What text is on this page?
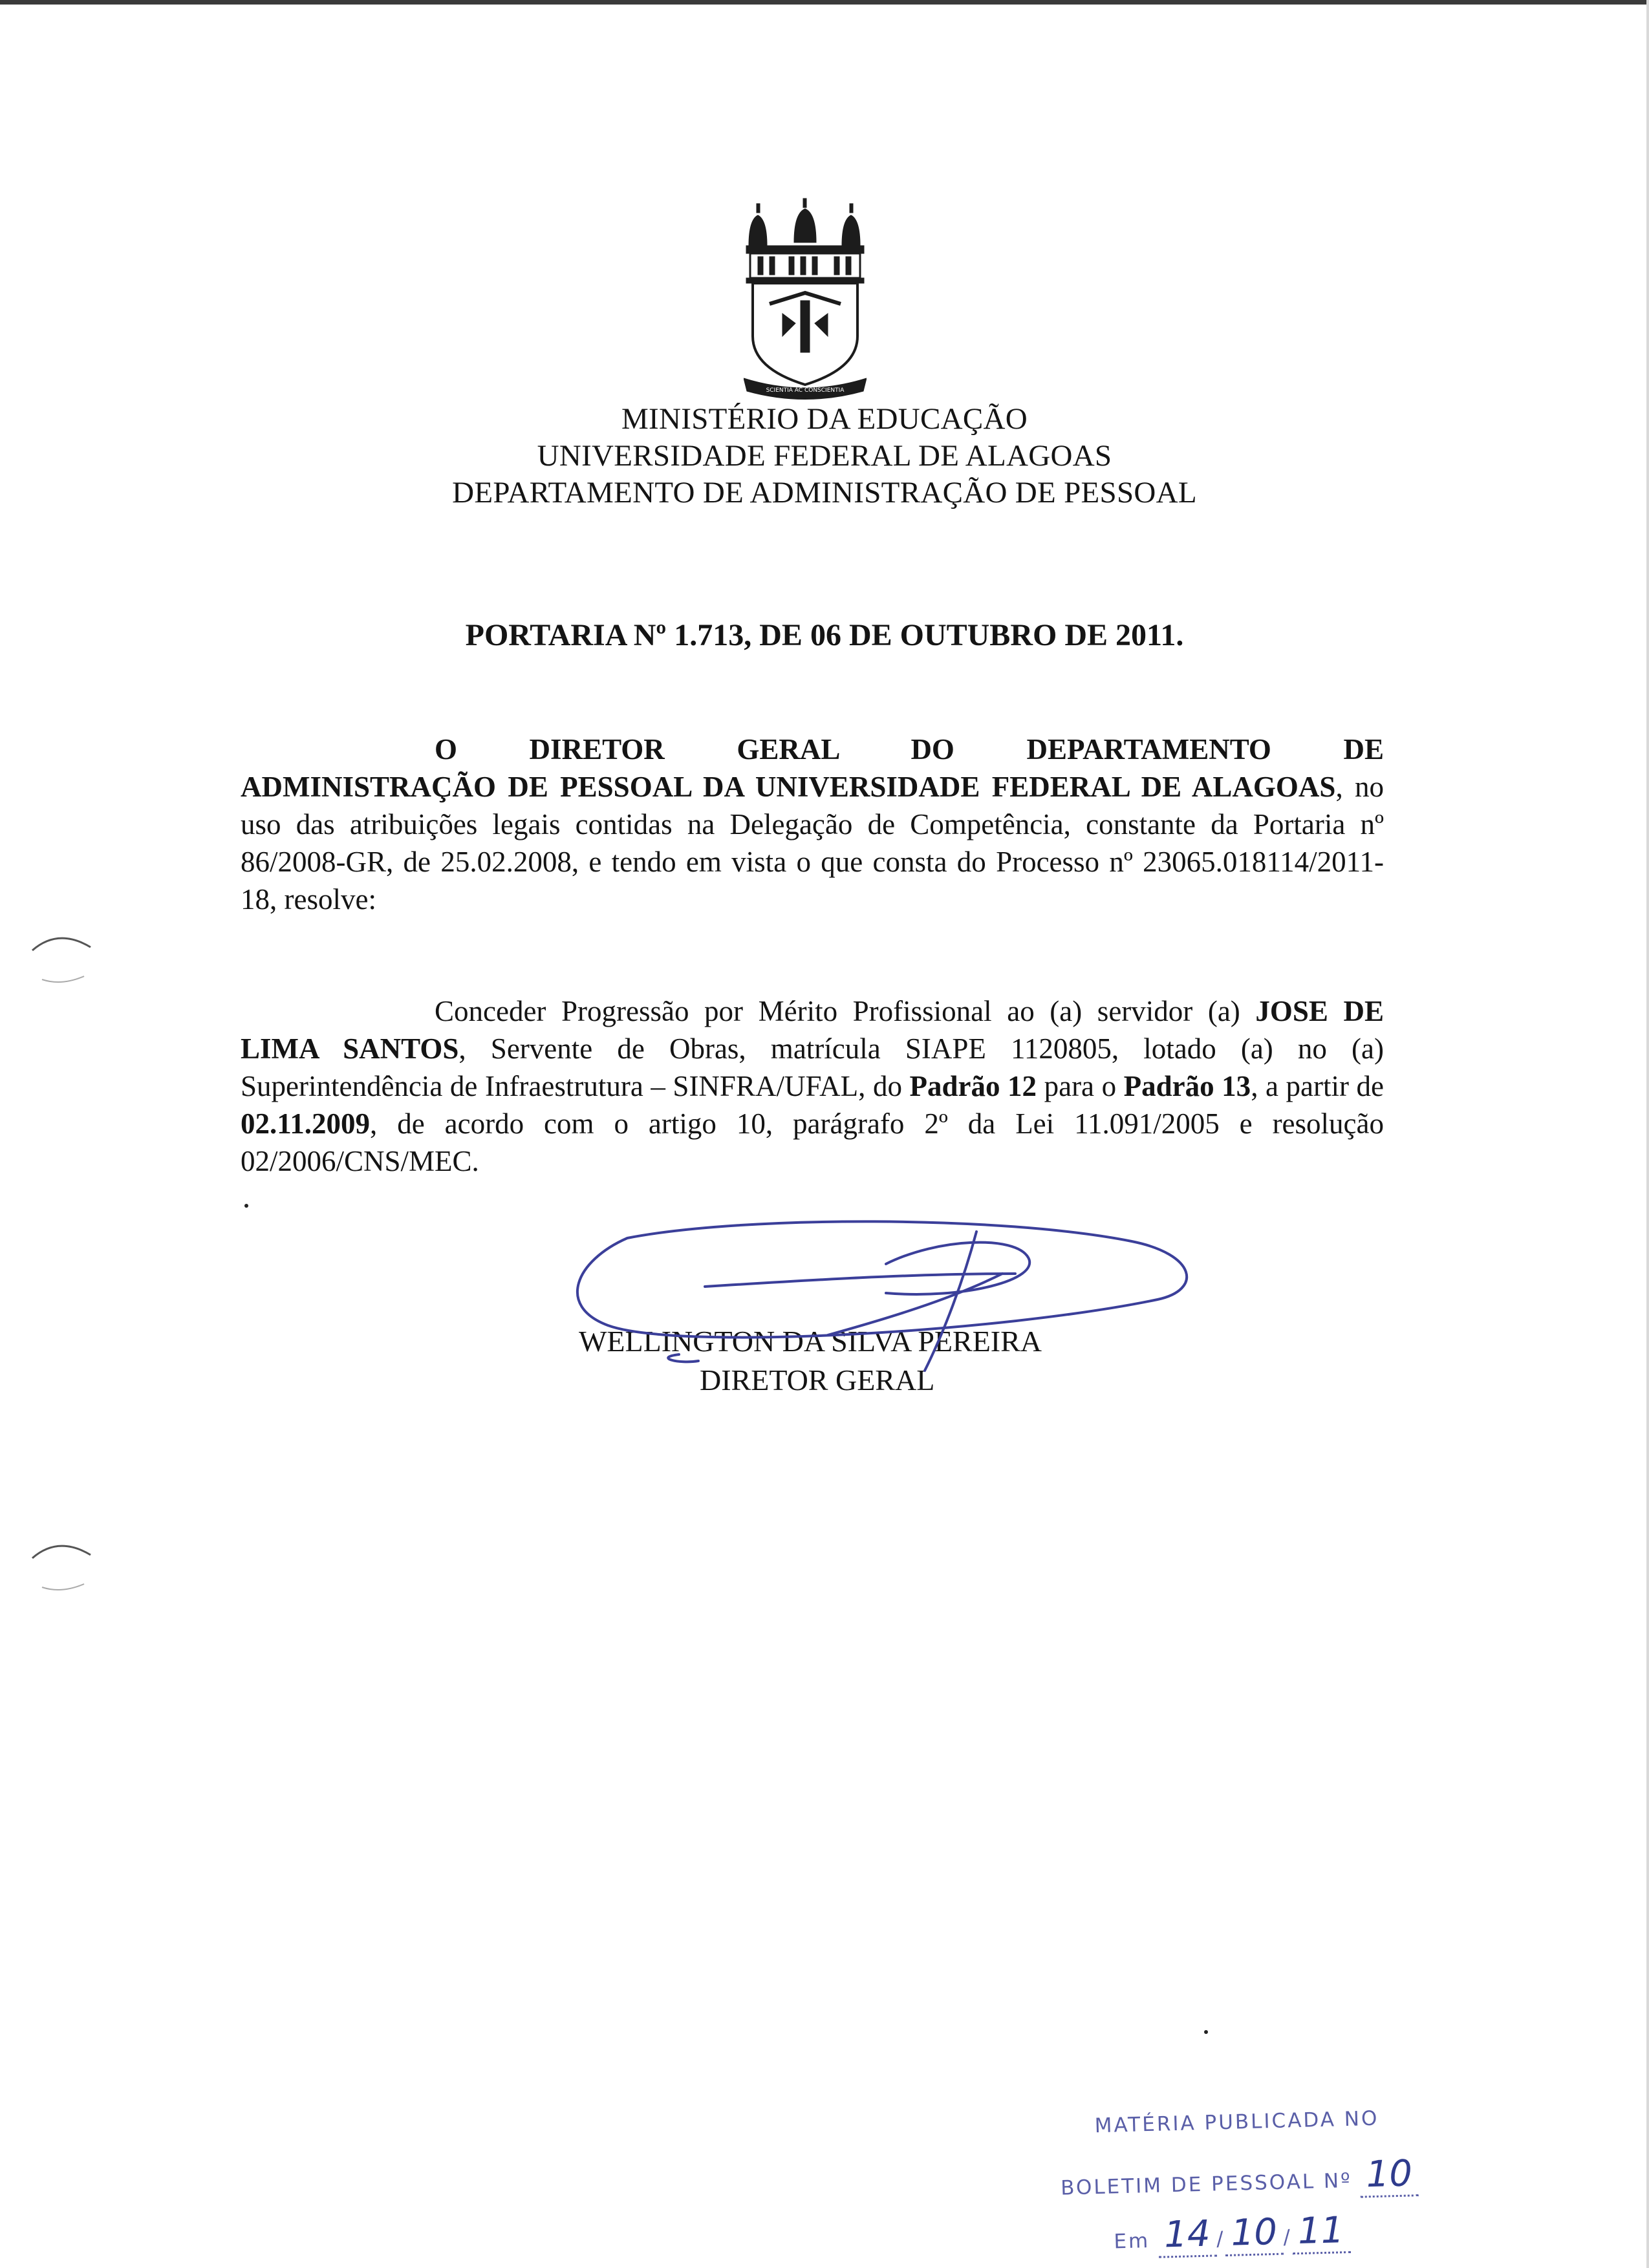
SCIENTIA AC CONSCIENTIA
MINISTÉRIO DA EDUCAÇÃO
UNIVERSIDADE FEDERAL DE ALAGOAS
DEPARTAMENTO DE ADMINISTRAÇÃO DE PESSOAL
PORTARIA Nº 1.713, DE 06 DE OUTUBRO DE 2011.
O DIRETOR GERAL DO DEPARTAMENTO DE
ADMINISTRAÇÃO DE PESSOAL DA UNIVERSIDADE FEDERAL DE ALAGOAS, no uso das atribuições legais contidas na Delegação de Competência, constante da Portaria nº 86/2008-GR, de 25.02.2008, e tendo em vista o que consta do Processo nº 23065.018114/2011-18, resolve:
Conceder Progressão por Mérito Profissional ao (a) servidor (a) JOSE DE LIMA SANTOS, Servente de Obras, matrícula SIAPE 1120805, lotado (a) no (a) Superintendência de Infraestrutura – SINFRA/UFAL, do Padrão 12 para o Padrão 13, a partir de 02.11.2009, de acordo com o artigo 10, parágrafo 2º da Lei 11.091/2005 e resolução 02/2006/CNS/MEC.
WELLINGTON DA SILVA PEREIRA
DIRETOR GERAL
MATÉRIA PUBLICADA NO
BOLETIM DE PESSOAL Nº 10
Em 14 / 10 / 11
